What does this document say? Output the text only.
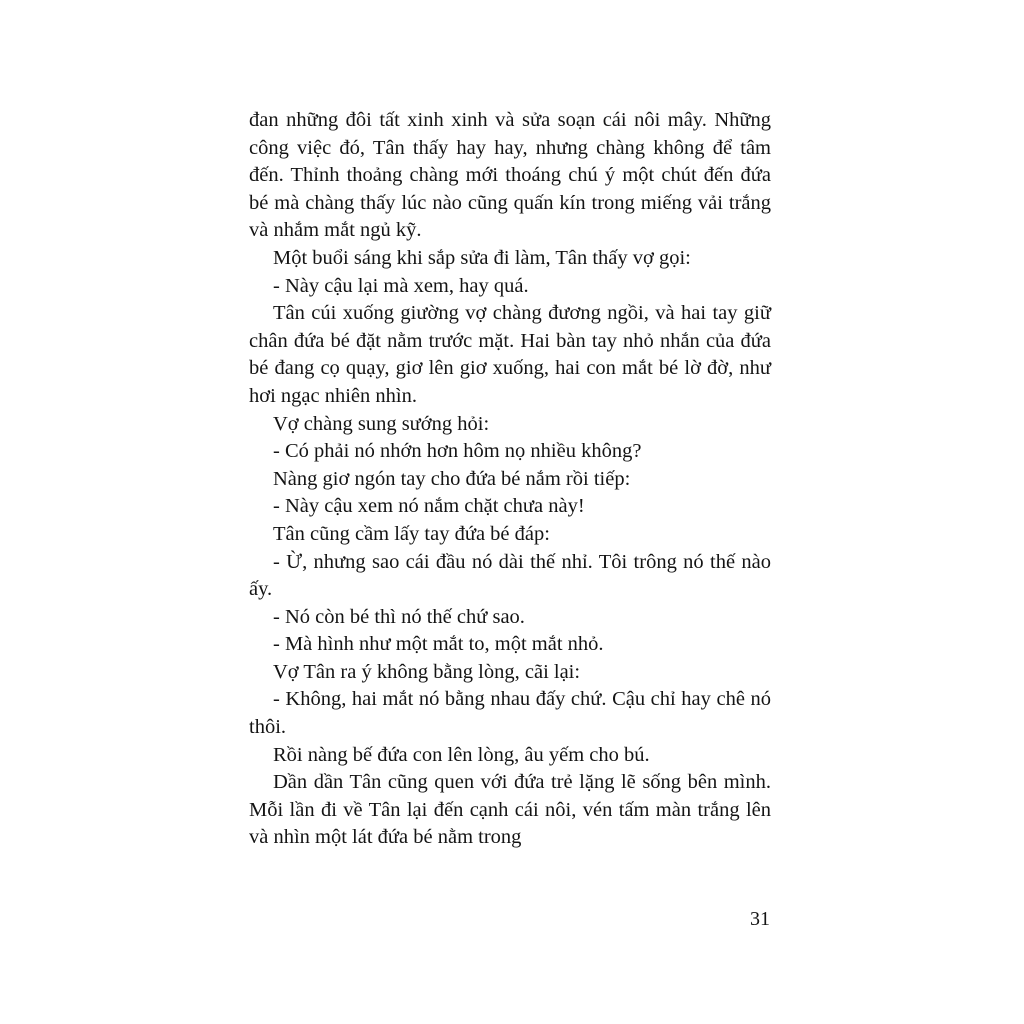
đan những đôi tất xinh xinh và sửa soạn cái nôi mây. Những công việc đó, Tân thấy hay hay, nhưng chàng không để tâm đến. Thỉnh thoảng chàng mới thoáng chú ý một chút đến đứa bé mà chàng thấy lúc nào cũng quấn kín trong miếng vải trắng và nhắm mắt ngủ kỹ.

Một buổi sáng khi sắp sửa đi làm, Tân thấy vợ gọi:

- Này cậu lại mà xem, hay quá.

Tân cúi xuống giường vợ chàng đương ngồi, và hai tay giữ chân đứa bé đặt nằm trước mặt. Hai bàn tay nhỏ nhắn của đứa bé đang cọ quạy, giơ lên giơ xuống, hai con mắt bé lờ đờ, như hơi ngạc nhiên nhìn.

Vợ chàng sung sướng hỏi:

- Có phải nó nhớn hơn hôm nọ nhiều không?

Nàng giơ ngón tay cho đứa bé nắm rồi tiếp:

- Này cậu xem nó nắm chặt chưa này!

Tân cũng cầm lấy tay đứa bé đáp:

- Ừ, nhưng sao cái đầu nó dài thế nhỉ. Tôi trông nó thế nào ấy.

- Nó còn bé thì nó thế chứ sao.

- Mà hình như một mắt to, một mắt nhỏ.

Vợ Tân ra ý không bằng lòng, cãi lại:

- Không, hai mắt nó bằng nhau đấy chứ. Cậu chỉ hay chê nó thôi.

Rồi nàng bế đứa con lên lòng, âu yếm cho bú.

Dần dần Tân cũng quen với đứa trẻ lặng lẽ sống bên mình. Mỗi lần đi về Tân lại đến cạnh cái nôi, vén tấm màn trắng lên và nhìn một lát đứa bé nằm trong

31
